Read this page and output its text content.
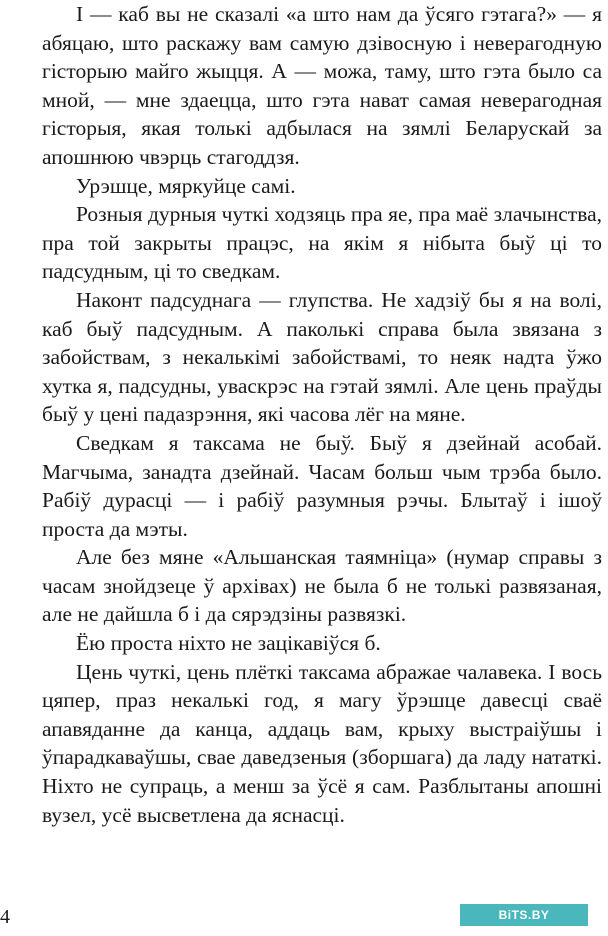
І — каб вы не сказалі «а што нам да ўсяго гэтага?» — я абяцаю, што раскажу вам самую дзівосную і неверагодную гісторыю майго жыцця. А — можа, таму, што гэта было са мной, — мне здаецца, што гэта нават самая неверагодная гісторыя, якая толькі адбылася на зямлі Беларускай за апошнюю чвэрць стагоддзя.

Урэшце, мяркуйце самі.

Розныя дурныя чуткі ходзяць пра яе, пра маё злачынства, пра той закрыты працэс, на якім я нібыта быў ці то падсудным, ці то сведкам.

Наконт падсуднага — глупства. Не хадзіў бы я на волі, каб быў падсудным. А паколькі справа была звязана з забойствам, з некалькімі забойствамі, то неяк надта ўжо хутка я, падсудны, уваскрэс на гэтай зямлі. Але цень праўды быў у цені падазрэння, які часова лёг на мяне.

Сведкам я таксама не быў. Быў я дзейнай асобай. Магчыма, занадта дзейнай. Часам больш чым трэба было. Рабіў дурасці — і рабіў разумныя рэчы. Блытаў і ішоў проста да мэты.

Але без мяне «Альшанская таямніца» (нумар справы з часам знойдзеце ў архівах) не была б не толькі развязаная, але не дайшла б і да сярэдзіны развязкі.

Ёю проста ніхто не зацікавіўся б.

Цень чуткі, цень плёткі таксама абражае чалавека. І вось цяпер, праз некалькі год, я магу ўрэшце давесці сваё апавяданне да канца, аддаць вам, крыху выстраіўшы і ўпарадкаваўшы, свае даведзеныя (зборшага) да ладу нататкі. Ніхто не супраць, а менш за ўсё я сам. Разблытаны апошні вузел, усё высветлена да яснасці.

4	BiTS.BY
